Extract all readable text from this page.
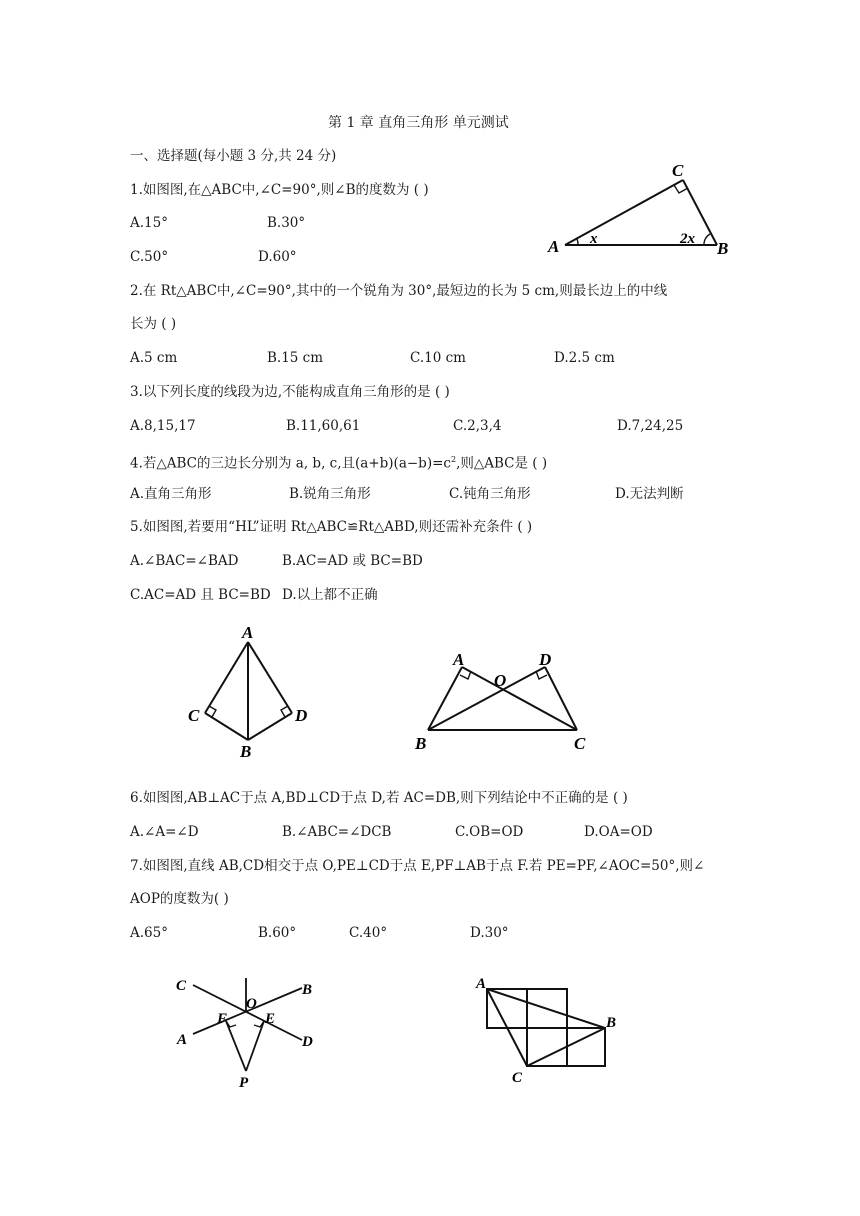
第 1 章 直角三角形 单元测试
一、选择题(每小题 3 分,共 24 分)
1.如图图,在△ABC中,∠C=90°,则∠B的度数为 ( )
A.15°	B.30°
C.50°	D.60°
A	B
C
x	2x
2.在 Rt△ABC中,∠C=90°,其中的一个锐角为 30°,最短边的长为 5 cm,则最长边上的中线
长为 ( )
A.5 cm	B.15 cm	C.10 cm	D.2.5 cm
3.以下列长度的线段为边,不能构成直角三角形的是 ( )
A.8,15,17	B.11,60,61	C.2,3,4	D.7,24,25
4.若△ABC的三边长分别为 a, b, c,且$(a+b)(a-b)=c^2$,则△ABC是 ( )
A.直角三角形	B.锐角三角形	C.钝角三角形	D.无法判断
5.如图图,若要用“HL”证明 Rt△ABC≌Rt△ABD,则还需补充条件 ( )
A.∠BAC=∠BAD	B.AC=AD 或 BC=BD
C.AC=AD 且 BC=BD D.以上都不正确
A
C	D
B
A	D
O
B	C
6.如图图,AB⊥AC于点 A,BD⊥CD于点 D,若 AC=DB,则下列结论中不正确的是 ( )
A.∠A=∠D	B.∠ABC=∠DCB	C.OB=OD	D.OA=OD
7.如图图,直线 AB,CD相交于点 O,PE⊥CD于点 E,PF⊥AB于点 F.若 PE=PF,∠AOC=50°,则∠
AOP的度数为( )
A.65°	B.60°	C.40°	D.30°
C	B
O
F	E
A	D
P
A
B
C
